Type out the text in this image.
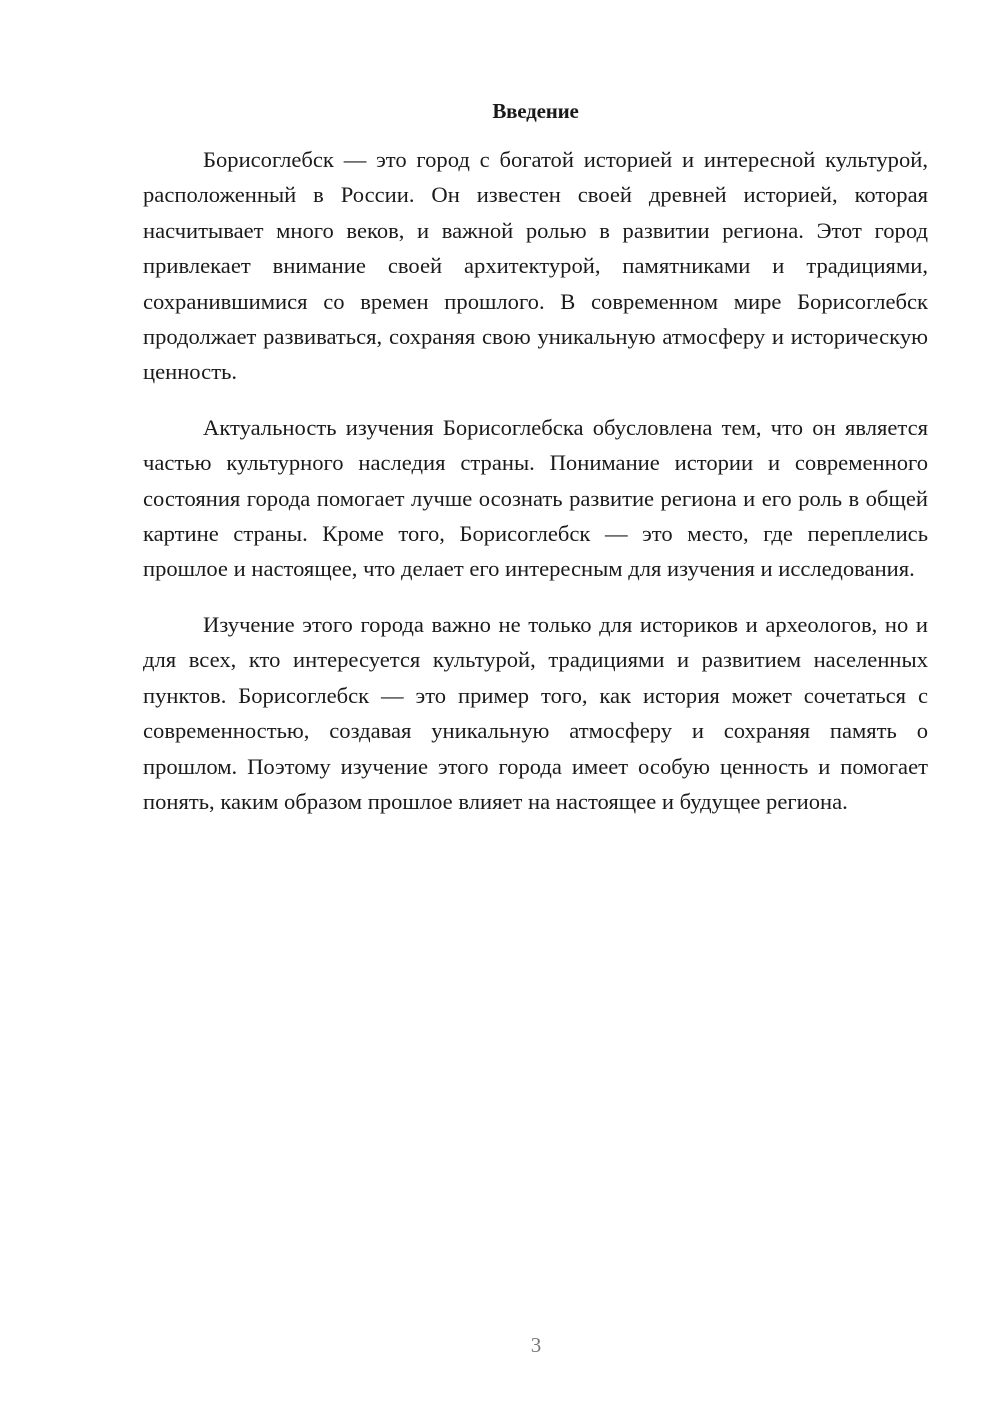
Введение

Борисоглебск — это город с богатой историей и интересной культурой, расположенный в России. Он известен своей древней историей, которая насчитывает много веков, и важной ролью в развитии региона. Этот город привлекает внимание своей архитектурой, памятниками и традициями, сохранившимися со времен прошлого. В современном мире Борисоглебск продолжает развиваться, сохраняя свою уникальную атмосферу и историческую ценность.

Актуальность изучения Борисоглебска обусловлена тем, что он является частью культурного наследия страны. Понимание истории и современного состояния города помогает лучше осознать развитие региона и его роль в общей картине страны. Кроме того, Борисоглебск — это место, где переплелись прошлое и настоящее, что делает его интересным для изучения и исследования.

Изучение этого города важно не только для историков и археологов, но и для всех, кто интересуется культурой, традициями и развитием населенных пунктов. Борисоглебск — это пример того, как история может сочетаться с современностью, создавая уникальную атмосферу и сохраняя память о прошлом. Поэтому изучение этого города имеет особую ценность и помогает понять, каким образом прошлое влияет на настоящее и будущее региона.

3
